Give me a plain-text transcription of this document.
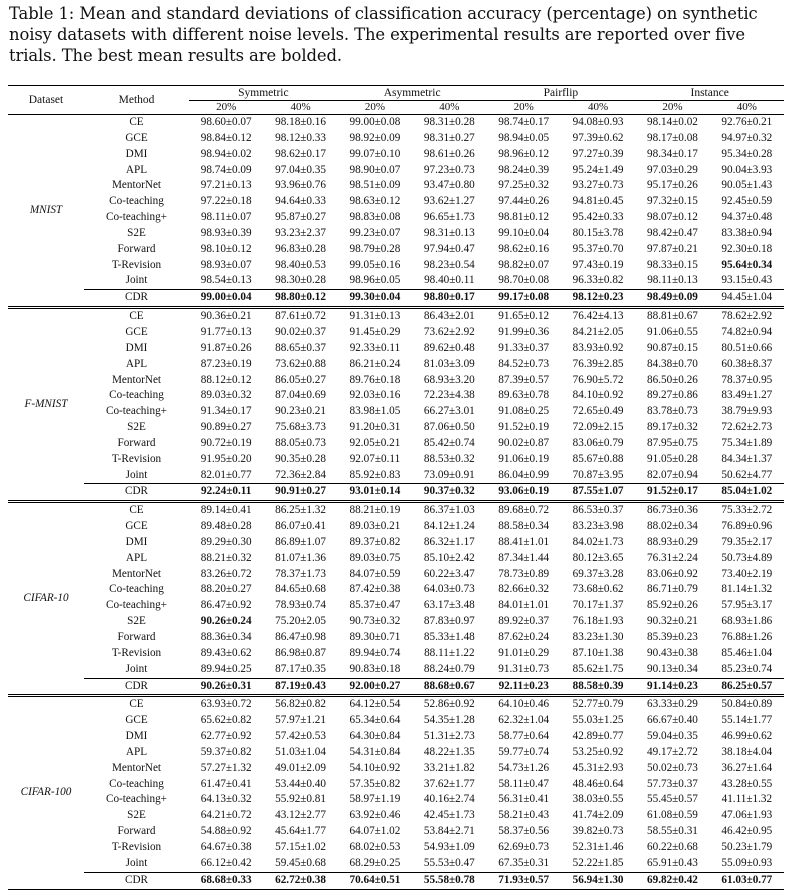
Table 1: Mean and standard deviations of classification accuracy (percentage) on synthetic noisy datasets with different noise levels. The experimental results are reported over five trials. The best mean results are bolded.
Dataset	Method	Symmetric		Asymmetric		Pairflip		Instance	
		20%	40%	20%	40%	20%	40%	20%	40%
MNIST	CE	98.60±0.07	98.18±0.16	99.00±0.08	98.31±0.28	98.74±0.17	94.08±0.93	98.14±0.02	92.76±0.21
	GCE	98.84±0.12	98.12±0.33	98.92±0.09	98.31±0.27	98.94±0.05	97.39±0.62	98.17±0.08	94.97±0.32
	DMI	98.94±0.02	98.62±0.17	99.07±0.10	98.61±0.26	98.96±0.12	97.27±0.39	98.34±0.17	95.34±0.28
	APL	98.74±0.09	97.04±0.35	98.90±0.07	97.23±0.73	98.24±0.39	95.24±1.49	97.03±0.29	90.04±3.93
	MentorNet	97.21±0.13	93.96±0.76	98.51±0.09	93.47±0.80	97.25±0.32	93.27±0.73	95.17±0.26	90.05±1.43
	Co-teaching	97.22±0.18	94.64±0.33	98.63±0.12	93.62±1.27	97.44±0.26	94.81±0.45	97.32±0.15	92.45±0.59
	Co-teaching+	98.11±0.07	95.87±0.27	98.83±0.08	96.65±1.73	98.81±0.12	95.42±0.33	98.07±0.12	94.37±0.48
	S2E	98.93±0.39	93.23±2.37	99.23±0.07	98.31±0.13	99.10±0.04	80.15±3.78	98.42±0.47	83.38±0.94
	Forward	98.10±0.12	96.83±0.28	98.79±0.28	97.94±0.47	98.62±0.16	95.37±0.70	97.87±0.21	92.30±0.18
	T-Revision	98.93±0.07	98.40±0.53	99.05±0.16	98.23±0.54	98.82±0.07	97.43±0.19	98.33±0.15	95.64±0.34
	Joint	98.54±0.13	98.30±0.28	98.96±0.05	98.40±0.11	98.70±0.08	96.33±0.82	98.11±0.13	93.15±0.43
	CDR	99.00±0.04	98.80±0.12	99.30±0.04	98.80±0.17	99.17±0.08	98.12±0.23	98.49±0.09	94.45±1.04
F-MNIST	CE	90.36±0.21	87.61±0.72	91.31±0.13	86.43±2.01	91.65±0.12	76.42±4.13	88.81±0.67	78.62±2.92
	GCE	91.77±0.13	90.02±0.37	91.45±0.29	73.62±2.92	91.99±0.36	84.21±2.05	91.06±0.55	74.82±0.94
	DMI	91.87±0.26	88.65±0.37	92.33±0.11	89.62±0.48	91.33±0.37	83.93±0.92	90.87±0.15	80.51±0.66
	APL	87.23±0.19	73.62±0.88	86.21±0.24	81.03±3.09	84.52±0.73	76.39±2.85	84.38±0.70	60.38±8.37
	MentorNet	88.12±0.12	86.05±0.27	89.76±0.18	68.93±3.20	87.39±0.57	76.90±5.72	86.50±0.26	78.37±0.95
	Co-teaching	89.03±0.32	87.04±0.69	92.03±0.16	72.23±4.38	89.63±0.78	84.10±0.92	89.27±0.86	83.49±1.27
	Co-teaching+	91.34±0.17	90.23±0.21	83.98±1.05	66.27±3.01	91.08±0.25	72.65±0.49	83.78±0.73	38.79±9.93
	S2E	90.89±0.27	75.68±3.73	91.20±0.31	87.06±0.50	91.52±0.19	72.09±2.15	89.17±0.32	72.62±2.73
	Forward	90.72±0.19	88.05±0.73	92.05±0.21	85.42±0.74	90.02±0.87	83.06±0.79	87.95±0.75	75.34±1.89
	T-Revision	91.95±0.20	90.35±0.28	92.07±0.11	88.53±0.32	91.06±0.19	85.67±0.88	91.05±0.28	84.34±1.37
	Joint	82.01±0.77	72.36±2.84	85.92±0.83	73.09±0.91	86.04±0.99	70.87±3.95	82.07±0.94	50.62±4.77
	CDR	92.24±0.11	90.91±0.27	93.01±0.14	90.37±0.32	93.06±0.19	87.55±1.07	91.52±0.17	85.04±1.02
CIFAR-10	CE	89.14±0.41	86.25±1.32	88.21±0.19	86.37±1.03	89.68±0.72	86.53±0.37	86.73±0.36	75.33±2.72
	GCE	89.48±0.28	86.07±0.41	89.03±0.21	84.12±1.24	88.58±0.34	83.23±3.98	88.02±0.34	76.89±0.96
	DMI	89.29±0.30	86.89±1.07	89.37±0.82	86.32±1.17	88.41±1.01	84.02±1.73	88.93±0.29	79.35±2.17
	APL	88.21±0.32	81.07±1.36	89.03±0.75	85.10±2.42	87.34±1.44	80.12±3.65	76.31±2.24	50.73±4.89
	MentorNet	83.26±0.72	78.37±1.73	84.07±0.59	60.22±3.47	78.73±0.89	69.37±3.28	83.06±0.92	73.40±2.19
	Co-teaching	88.20±0.27	84.65±0.68	87.42±0.38	64.03±0.73	82.66±0.32	73.68±0.62	86.71±0.79	81.14±1.32
	Co-teaching+	86.47±0.92	78.93±0.74	85.37±0.47	63.17±3.48	84.01±1.01	70.17±1.37	85.92±0.26	57.95±3.17
	S2E	90.26±0.24	75.20±2.05	90.73±0.32	87.83±0.97	89.92±0.37	76.18±1.93	90.32±0.21	68.93±1.86
	Forward	88.36±0.34	86.47±0.98	89.30±0.71	85.33±1.48	87.62±0.24	83.23±1.30	85.39±0.23	76.88±1.26
	T-Revision	89.43±0.62	86.98±0.87	89.94±0.74	88.11±1.22	91.01±0.29	87.10±1.38	90.43±0.38	85.46±1.04
	Joint	89.94±0.25	87.17±0.35	90.83±0.18	88.24±0.79	91.31±0.73	85.62±1.75	90.13±0.34	85.23±0.74
	CDR	90.26±0.31	87.19±0.43	92.00±0.27	88.68±0.67	92.11±0.23	88.58±0.39	91.14±0.23	86.25±0.57
CIFAR-100	CE	63.93±0.72	56.82±0.82	64.12±0.54	52.86±0.92	64.10±0.46	52.77±0.79	63.33±0.29	50.84±0.89
	GCE	65.62±0.82	57.97±1.21	65.34±0.64	54.35±1.28	62.32±1.04	55.03±1.25	66.67±0.40	55.14±1.77
	DMI	62.77±0.92	57.42±0.53	64.30±0.84	51.31±2.73	58.77±0.64	42.89±0.77	59.04±0.35	46.99±0.62
	APL	59.37±0.82	51.03±1.04	54.31±0.84	48.22±1.35	59.77±0.74	53.25±0.92	49.17±2.72	38.18±4.04
	MentorNet	57.27±1.32	49.01±2.09	54.10±0.92	33.21±1.82	54.73±1.26	45.31±2.93	50.02±0.73	36.27±1.64
	Co-teaching	61.47±0.41	53.44±0.40	57.35±0.82	37.62±1.77	58.11±0.47	48.46±0.64	57.73±0.37	43.28±0.55
	Co-teaching+	64.13±0.32	55.92±0.81	58.97±1.19	40.16±2.74	56.31±0.41	38.03±0.55	55.45±0.57	41.11±1.32
	S2E	64.21±0.72	43.12±2.77	63.92±0.46	42.45±1.73	58.21±0.43	41.74±2.09	61.08±0.59	47.06±1.93
	Forward	54.88±0.92	45.64±1.77	64.07±1.02	53.84±2.71	58.37±0.56	39.82±0.73	58.55±0.31	46.42±0.95
	T-Revision	64.67±0.38	57.15±1.02	68.02±0.53	54.93±1.09	62.69±0.73	52.31±1.46	60.22±0.68	50.23±1.79
	Joint	66.12±0.42	59.45±0.68	68.29±0.25	55.53±0.47	67.35±0.31	52.22±1.85	65.91±0.43	55.09±0.93
	CDR	68.68±0.33	62.72±0.38	70.64±0.51	55.58±0.78	71.93±0.57	56.94±1.30	69.82±0.42	61.03±0.77
